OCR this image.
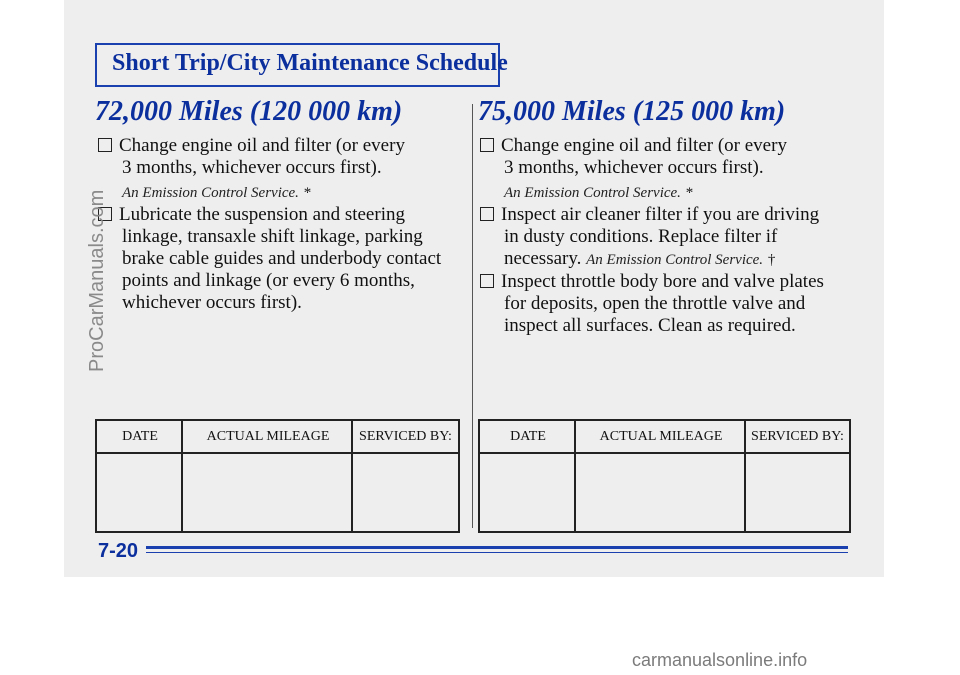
Short Trip/City Maintenance Schedule
72,000 Miles (120 000 km)	75,000 Miles (125 000 km)
Change engine oil and filter (or every
3 months, whichever occurs first).
An Emission Control Service. *
Lubricate the suspension and steering
linkage, transaxle shift linkage, parking
brake cable guides and underbody contact
points and linkage (or every 6 months,
whichever occurs first).
Change engine oil and filter (or every
3 months, whichever occurs first).
An Emission Control Service. *
Inspect air cleaner filter if you are driving
in dusty conditions. Replace filter if
necessary. An Emission Control Service. †
Inspect throttle body bore and valve plates
for deposits, open the throttle valve and
inspect all surfaces. Clean as required.
DATE	ACTUAL MILEAGE	SERVICED BY:	DATE	ACTUAL MILEAGE	SERVICED BY:
7-20
ProCarManuals.com
carmanualsonline.info
